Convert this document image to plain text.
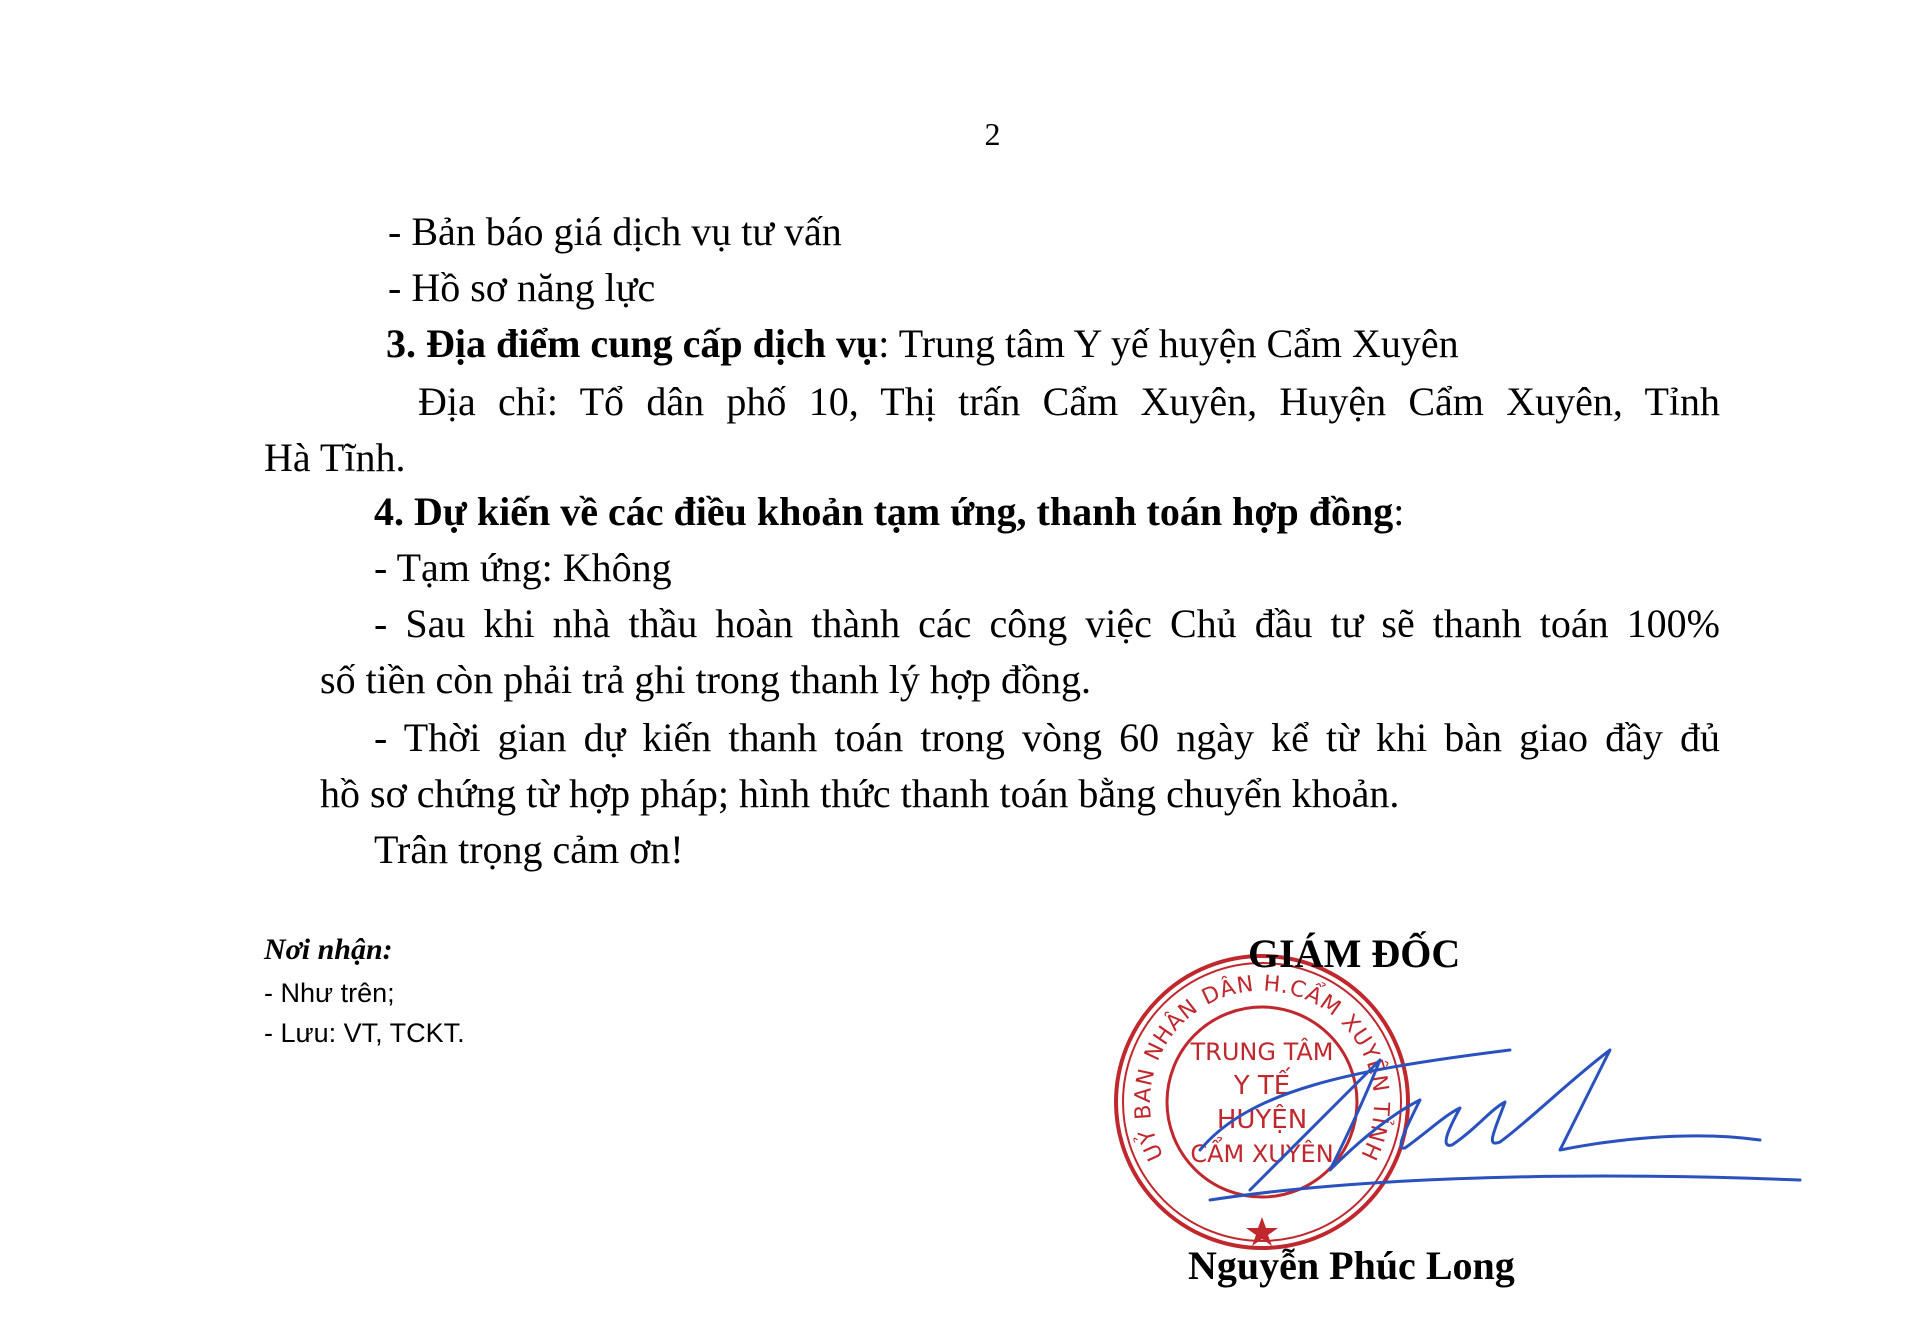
2
- Bản báo giá dịch vụ tư vấn
- Hồ sơ năng lực
3. Địa điểm cung cấp dịch vụ: Trung tâm Y yế huyện Cẩm Xuyên
Địa chỉ: Tổ dân phố 10, Thị trấn Cẩm Xuyên, Huyện Cẩm Xuyên, Tỉnh
Hà Tĩnh.
4. Dự kiến về các điều khoản tạm ứng, thanh toán hợp đồng:
- Tạm ứng: Không
- Sau khi nhà thầu hoàn thành các công việc Chủ đầu tư sẽ thanh toán 100%
số tiền còn phải trả ghi trong thanh lý hợp đồng.
- Thời gian dự kiến thanh toán trong vòng 60 ngày kể từ khi bàn giao đầy đủ
hồ sơ chứng từ hợp pháp; hình thức thanh toán bằng chuyển khoản.
Trân trọng cảm ơn!
Nơi nhận:
- Như trên;
- Lưu: VT, TCKT.
UỶ BAN NHÂN DÂN H.CẨM XUYÊN TỈNH
TRUNG TÂM
Y TẾ
HUYỆN
CẨM XUYÊN
GIÁM ĐỐC
Nguyễn Phúc Long
